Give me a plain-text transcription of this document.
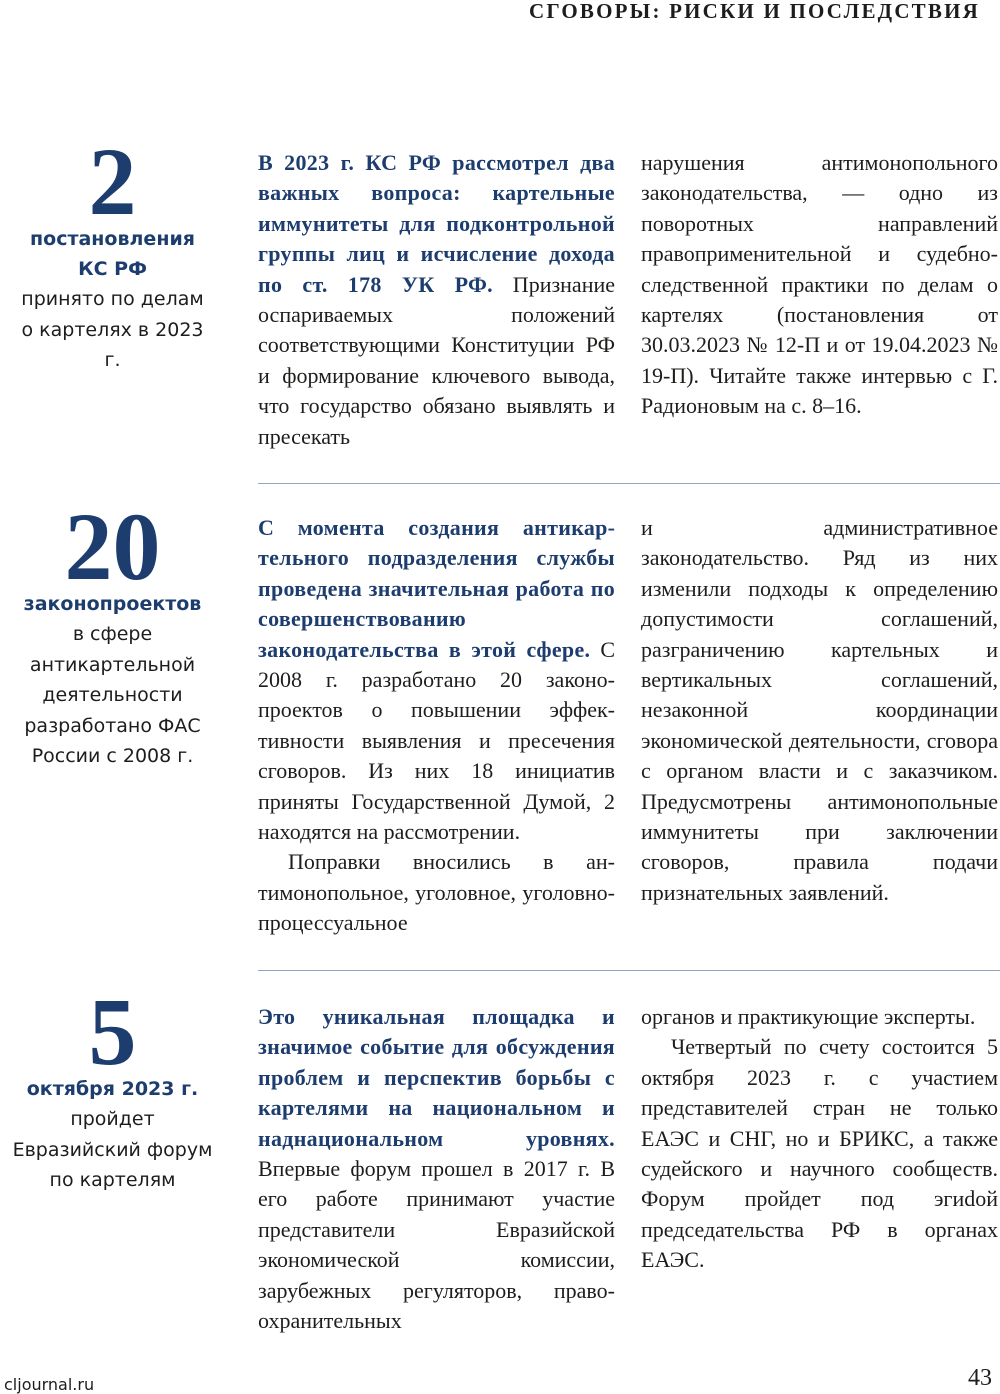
СГОВОРЫ: РИСКИ И ПОСЛЕДСТВИЯ
2
постановления КС РФ
принято по делам о картелях в 2023 г.

В 2023 г. КС РФ рассмотрел два важных вопроса: картельные иммунитеты для подконтрольной группы лиц и исчисление дохода по ст. 178 УК РФ. Признание оспариваемых положений соответствующими Конституции РФ и формирование ключевого вывода, что государство обязано выявлять и пресекать

нарушения антимонопольного законодательства, — одно из поворотных направлений правоприменительной и судебно-следственной практики по делам о картелях (постановления от 30.03.2023 № 12-П и от 19.04.2023 № 19-П). Читайте также интервью с Г. Радионовым на с. 8–16.

20
законопроектов
в сфере антикартельной деятельности разработано ФАС России с 2008 г.

С момента создания антикартельного подразделения службы проведена значительная работа по совершенствованию законодательства в этой сфере. С 2008 г. разработано 20 законопроектов о повышении эффективности выявления и пресечения сговоров. Из них 18 инициатив приняты Государственной Думой, 2 находятся на рассмотрении.

Поправки вносились в антимонопольное, уголовное, уголовно-процессуальное

и административное законодательство. Ряд из них изменили подходы к определению допустимости соглашений, разграничению картельных и вертикальных соглашений, незаконной координации экономической деятельности, сговора с органом власти и с заказчиком. Предусмотрены антимонопольные иммунитеты при заключении сговоров, правила подачи признательных заявлений.

5
октября 2023 г.
пройдет Евразийский форум по картелям

Это уникальная площадка и значимое событие для обсуждения проблем и перспектив борьбы с картелями на национальном и наднациональном уровнях. Впервые форум прошел в 2017 г. В его работе принимают участие представители Евразийской экономической комиссии, зарубежных регуляторов, правоохранительных

органов и практикующие эксперты.

Четвертый по счету состоится 5 октября 2023 г. с участием представителей стран не только ЕАЭС и СНГ, но и БРИКС, а также судейского и научного сообществ. Форум пройдет под эгиdой председательства РФ в органах ЕАЭС.

cljournal.ru	43
